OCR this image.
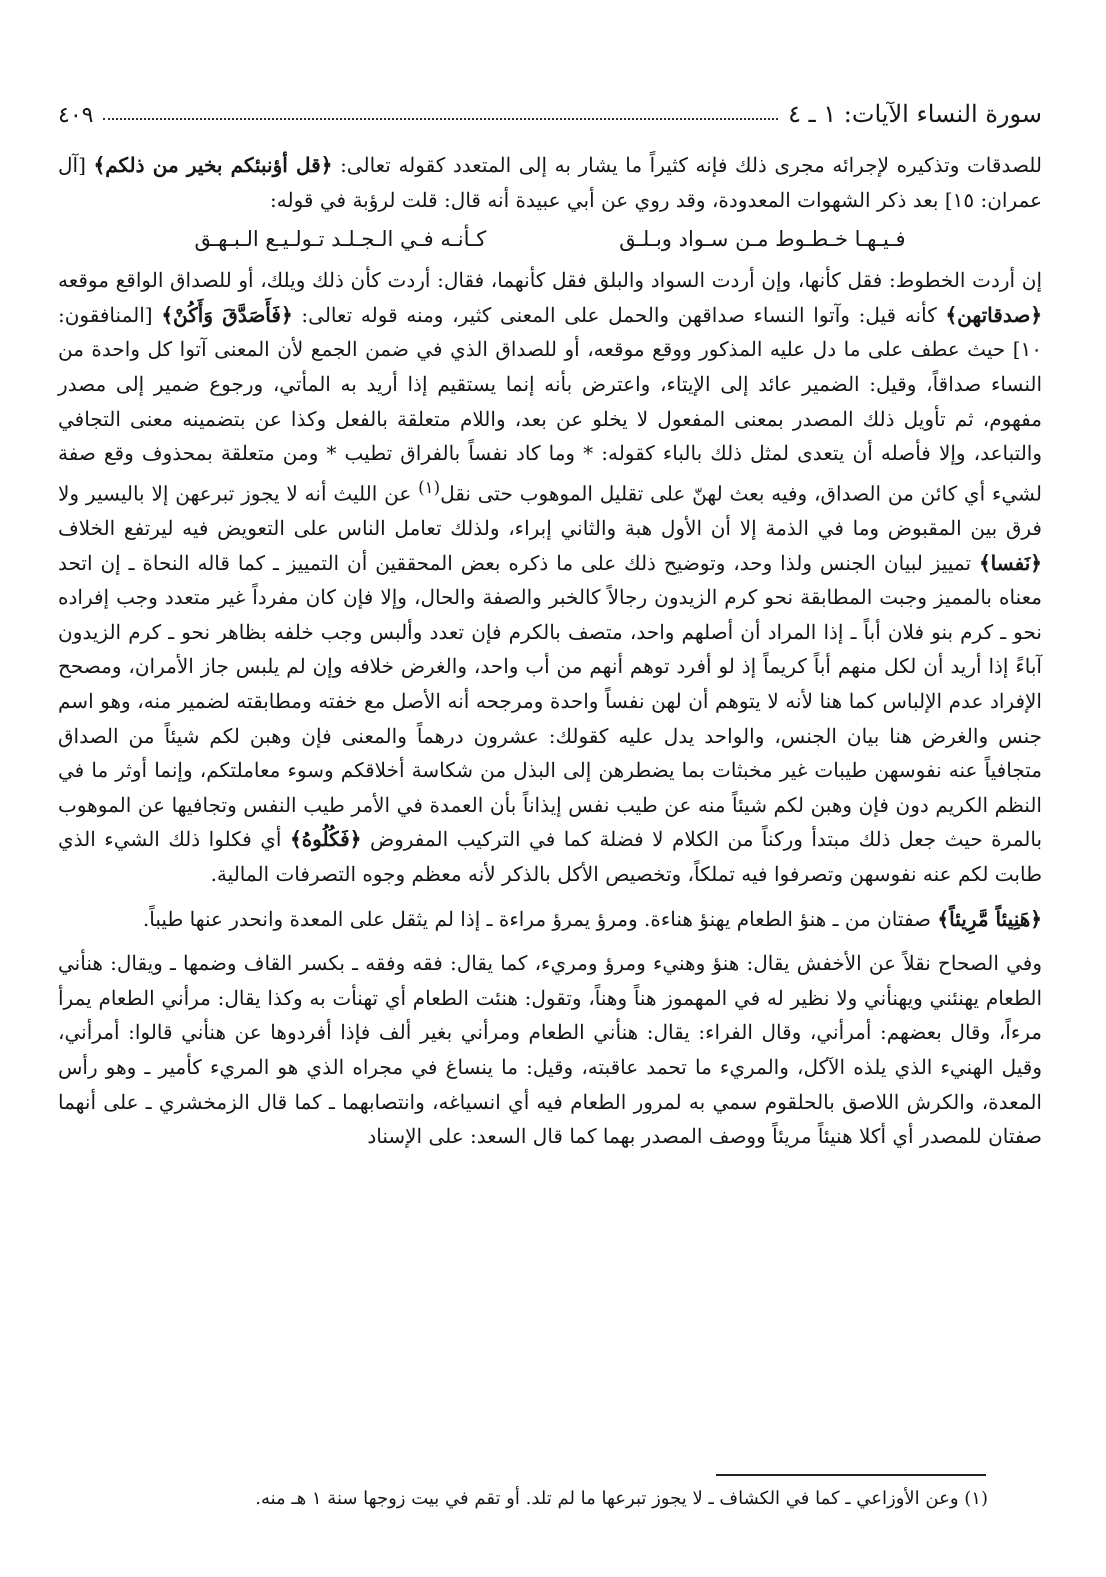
سورة النساء الآيات: ١ ـ ٤
٤٠٩

للصدقات وتذكيره لإجرائه مجرى ذلك فإنه كثيراً ما يشار به إلى المتعدد كقوله تعالى: ﴿قل أؤنبئكم بخير من ذلكم﴾ [آل عمران: ١٥] بعد ذكر الشهوات المعدودة، وقد روي عن أبي عبيدة أنه قال: قلت لرؤبة في قوله:

فـيـهـا خـطـوط مـن سـواد وبـلـق
كـأنـه فـي الـجـلـد تـولـيـع الـبـهـق

إن أردت الخطوط: فقل كأنها، وإن أردت السواد والبلق فقل كأنهما، فقال: أردت كأن ذلك ويلك، أو للصداق الواقع موقعه ﴿صدقاتهن﴾ كأنه قيل: وآتوا النساء صداقهن والحمل على المعنى كثير، ومنه قوله تعالى: ﴿فَأَصَدَّقَ وَأَكُنْ﴾ [المنافقون: ١٠] حيث عطف على ما دل عليه المذكور ووقع موقعه، أو للصداق الذي في ضمن الجمع لأن المعنى آتوا كل واحدة من النساء صداقاً، وقيل: الضمير عائد إلى الإيتاء، واعترض بأنه إنما يستقيم إذا أريد به المأتي، ورجوع ضمير إلى مصدر مفهوم، ثم تأويل ذلك المصدر بمعنى المفعول لا يخلو عن بعد، واللام متعلقة بالفعل وكذا عن بتضمينه معنى التجافي والتباعد، وإلا فأصله أن يتعدى لمثل ذلك بالباء كقوله: * وما كاد نفساً بالفراق تطيب * ومن متعلقة بمحذوف وقع صفة لشيء أي كائن من الصداق، وفيه بعث لهنّ على تقليل الموهوب حتى نقل$^{(١)}$ عن الليث أنه لا يجوز تبرعهن إلا باليسير ولا فرق بين المقبوض وما في الذمة إلا أن الأول هبة والثاني إبراء، ولذلك تعامل الناس على التعويض فيه ليرتفع الخلاف ﴿نَفسا﴾ تمييز لبيان الجنس ولذا وحد، وتوضيح ذلك على ما ذكره بعض المحققين أن التمييز ـ كما قاله النحاة ـ إن اتحد معناه بالمميز وجبت المطابقة نحو كرم الزيدون رجالاً كالخبر والصفة والحال، وإلا فإن كان مفرداً غير متعدد وجب إفراده نحو ـ كرم بنو فلان أباً ـ إذا المراد أن أصلهم واحد، متصف بالكرم فإن تعدد وألبس وجب خلفه بظاهر نحو ـ كرم الزيدون آباءً إذا أريد أن لكل منهم أباً كريماً إذ لو أفرد توهم أنهم من أب واحد، والغرض خلافه وإن لم يلبس جاز الأمران، ومصحح الإفراد عدم الإلباس كما هنا لأنه لا يتوهم أن لهن نفساً واحدة ومرجحه أنه الأصل مع خفته ومطابقته لضمير منه، وهو اسم جنس والغرض هنا بيان الجنس، والواحد يدل عليه كقولك: عشرون درهماً والمعنى فإن وهبن لكم شيئاً من الصداق متجافياً عنه نفوسهن طيبات غير مخبثات بما يضطرهن إلى البذل من شكاسة أخلاقكم وسوء معاملتكم، وإنما أوثر ما في النظم الكريم دون فإن وهبن لكم شيئاً منه عن طيب نفس إيذاناً بأن العمدة في الأمر طيب النفس وتجافيها عن الموهوب بالمرة حيث جعل ذلك مبتدأ وركناً من الكلام لا فضلة كما في التركيب المفروض ﴿فَكُلُوهُ﴾ أي فكلوا ذلك الشيء الذي طابت لكم عنه نفوسهن وتصرفوا فيه تملكاً، وتخصيص الأكل بالذكر لأنه معظم وجوه التصرفات المالية.

﴿هَنِيئاً مَّرِيئاً﴾ صفتان من ـ هنؤ الطعام يهنؤ هناءة. ومرؤ يمرؤ مراءة ـ إذا لم يثقل على المعدة وانحدر عنها طيباً.

وفي الصحاح نقلاً عن الأخفش يقال: هنؤ وهنيء ومرؤ ومريء، كما يقال: فقه وفقه ـ بكسر القاف وضمها ـ ويقال: هنأني الطعام يهنئني ويهنأني ولا نظير له في المهموز هناً وهناً، وتقول: هنئت الطعام أي تهنأت به وكذا يقال: مرأني الطعام يمرأ مرءاً، وقال بعضهم: أمرأني، وقال الفراء: يقال: هنأني الطعام ومرأني بغير ألف فإذا أفردوها عن هنأني قالوا: أمرأني، وقيل الهنيء الذي يلذه الآكل، والمريء ما تحمد عاقبته، وقيل: ما ينساغ في مجراه الذي هو المريء كأمير ـ وهو رأس المعدة، والكرش اللاصق بالحلقوم سمي به لمرور الطعام فيه أي انسياغه، وانتصابهما ـ كما قال الزمخشري ـ على أنهما صفتان للمصدر أي أكلا هنيئاً مريئاً ووصف المصدر بهما كما قال السعد: على الإسناد

(١) وعن الأوزاعي ـ كما في الكشاف ـ لا يجوز تبرعها ما لم تلد. أو تقم في بيت زوجها سنة ١ هـ منه.
